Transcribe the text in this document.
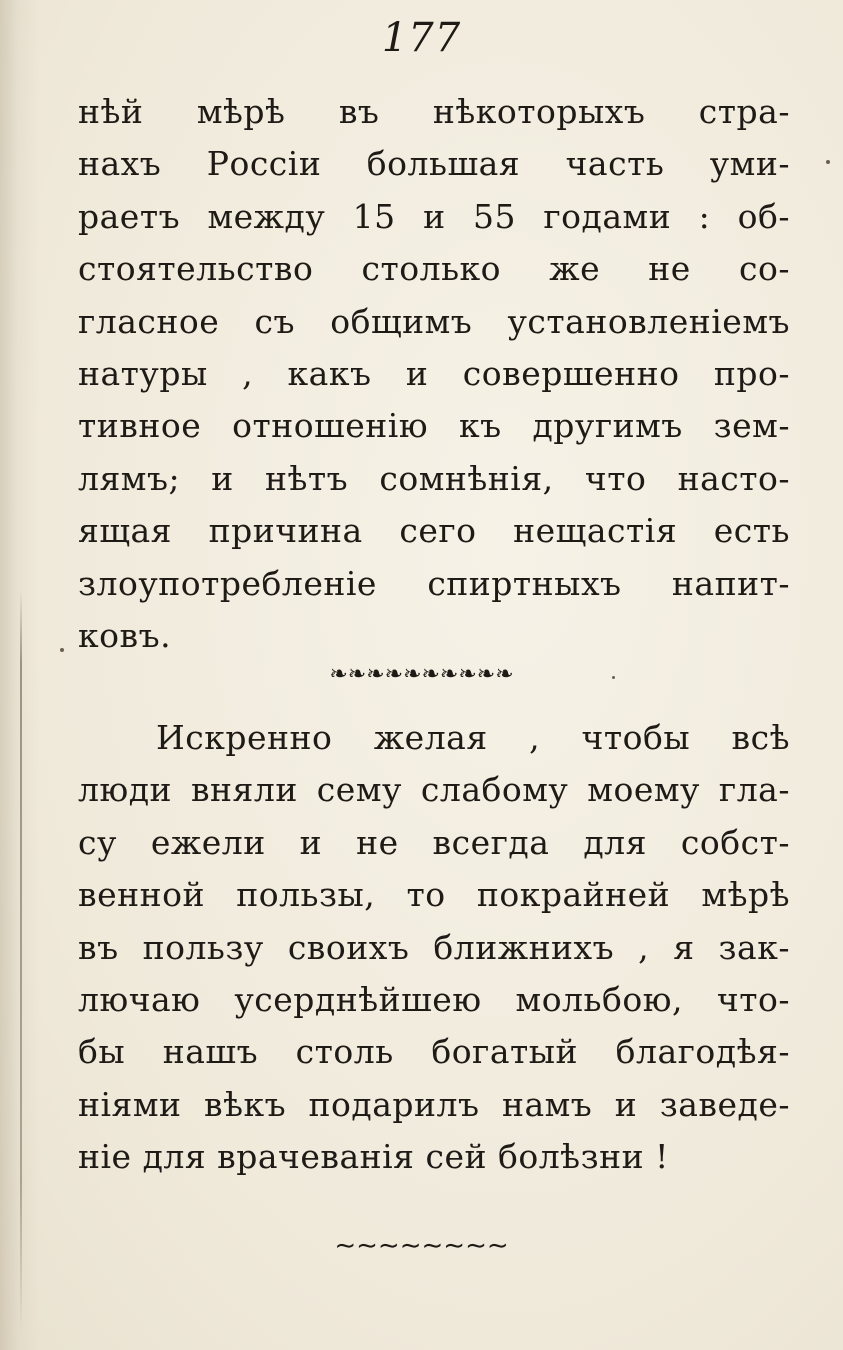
177
нѣй мѣрѣ въ нѣкоторыхъ стра-
нахъ Россіи большая часть уми-
раетъ между 15 и 55 годами : об-
стоятельство столько же не со-
гласное съ общимъ установленіемъ
натуры , какъ и совершенно про-
тивное отношенію къ другимъ зем-
лямъ; и нѣтъ сомнѣнія, что насто-
ящая причина сего нещастія есть
злоупотребленіе спиртныхъ напит-
ковъ.
❧❧❧❧❧❧❧❧❧❧
Искренно желая , чтобы всѣ
люди вняли сему слабому моему гла-
су ежели и не всегда для собст-
венной пользы, то покрайней мѣрѣ
въ пользу своихъ ближнихъ , я зак-
лючаю усерднѣйшею мольбою, что-
бы нашъ столь богатый благодѣя-
ніями вѣкъ подарилъ намъ и заведе-
ніе для врачеванія сей болѣзни !
∼∼∼∼∼∼∼∼
